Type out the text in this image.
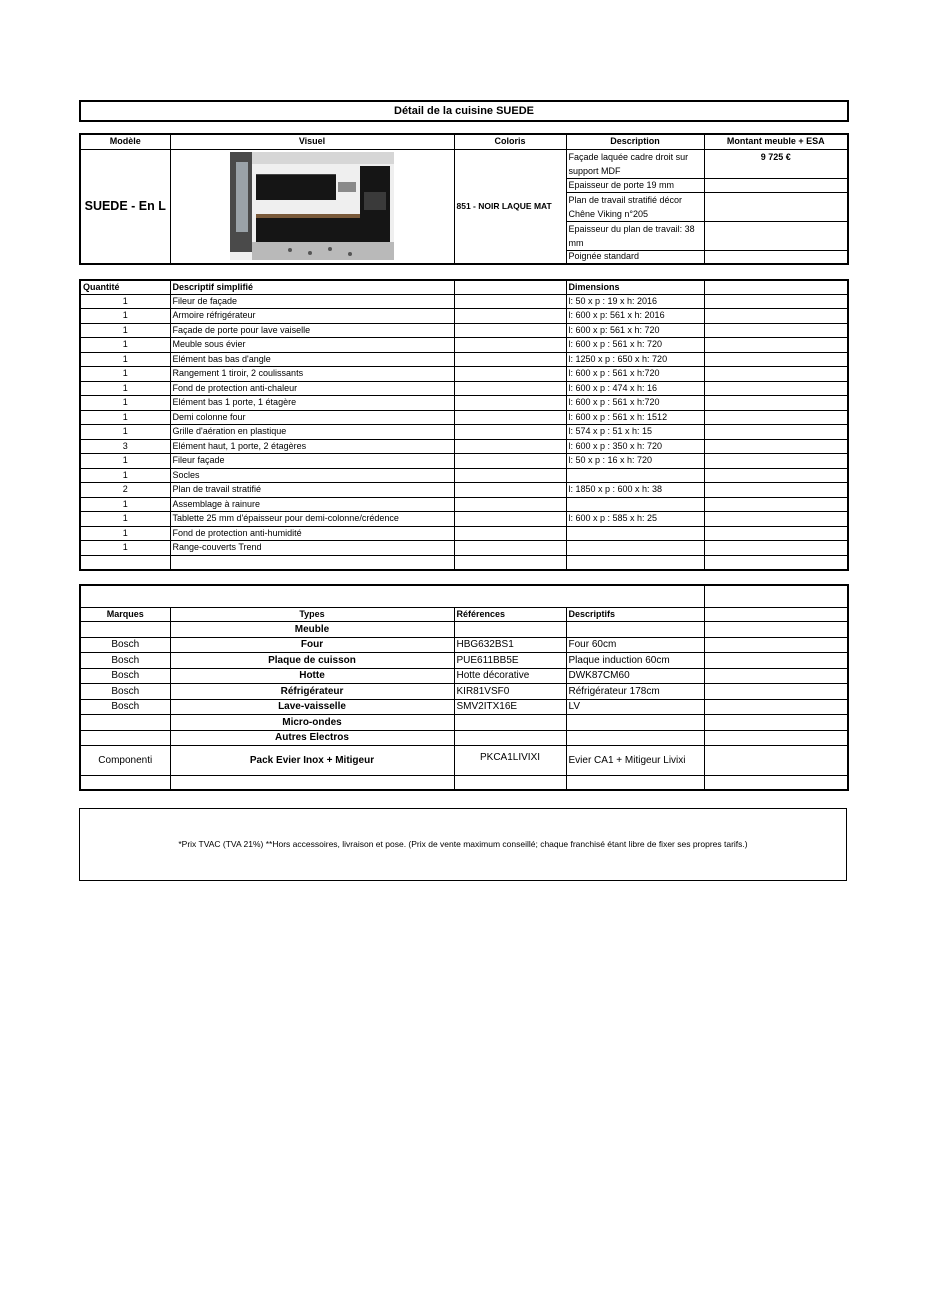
Détail de la cuisine SUEDE
Modèle	Visuel	Coloris	Description	Montant meuble + ESA
SUEDE - En L		851 - NOIR LAQUE MAT	Façade laquée cadre droit sur support MDF	9 725 €
			Epaisseur de porte 19 mm	
			Plan de travail stratifié décor Chêne Viking n°205	
			Epaisseur du plan de travail: 38 mm	
			Poignée standard	
Quantité	Descriptif simplifié		Dimensions	
1	Fileur de façade		l: 50 x p : 19 x h: 2016	
1	Armoire réfrigérateur		l: 600 x p: 561 x h: 2016	
1	Façade de porte pour lave vaiselle		l: 600 x p: 561 x h: 720	
1	Meuble sous évier		l: 600 x p : 561 x h: 720	
1	Elément bas bas d'angle		l: 1250 x p : 650 x h: 720	
1	Rangement 1 tiroir, 2 coulissants		l: 600 x p : 561 x h:720	
1	Fond de protection anti-chaleur		l: 600 x p : 474 x h: 16	
1	Elément bas 1 porte, 1 étagère		l: 600 x p : 561 x h:720	
1	Demi colonne four		l: 600 x p : 561 x h: 1512	
1	Grille d'aération en plastique		l: 574 x p : 51 x h: 15	
3	Elément haut, 1 porte, 2 étagères		l: 600 x p : 350 x h: 720	
1	Fileur façade		l: 50 x p : 16 x h: 720	
1	Socles			
2	Plan de travail stratifié		l: 1850 x p : 600 x h: 38	
1	Assemblage à rainure			
1	Tablette 25 mm d'épaisseur pour demi-colonne/crédence		l: 600 x p : 585 x h: 25	
1	Fond de protection anti-humidité			
1	Range-couverts Trend			

Marques	Types	Références	Descriptifs	
	Meuble			
Bosch	Four	HBG632BS1	Four 60cm	
Bosch	Plaque de cuisson	PUE611BB5E	Plaque induction 60cm	
Bosch	Hotte	Hotte décorative	DWK87CM60	
Bosch	Réfrigérateur	KIR81VSF0	Réfrigérateur 178cm	
Bosch	Lave-vaisselle	SMV2ITX16E	LV	
	Micro-ondes			
	Autres Electros			
Componenti	Pack Evier Inox + Mitigeur	PKCA1LIVIXI	Evier CA1 + Mitigeur Livixi	

*Prix TVAC (TVA 21%) **Hors accessoires, livraison et pose. (Prix de vente maximum conseillé; chaque franchisé étant libre de fixer ses propres tarifs.)
